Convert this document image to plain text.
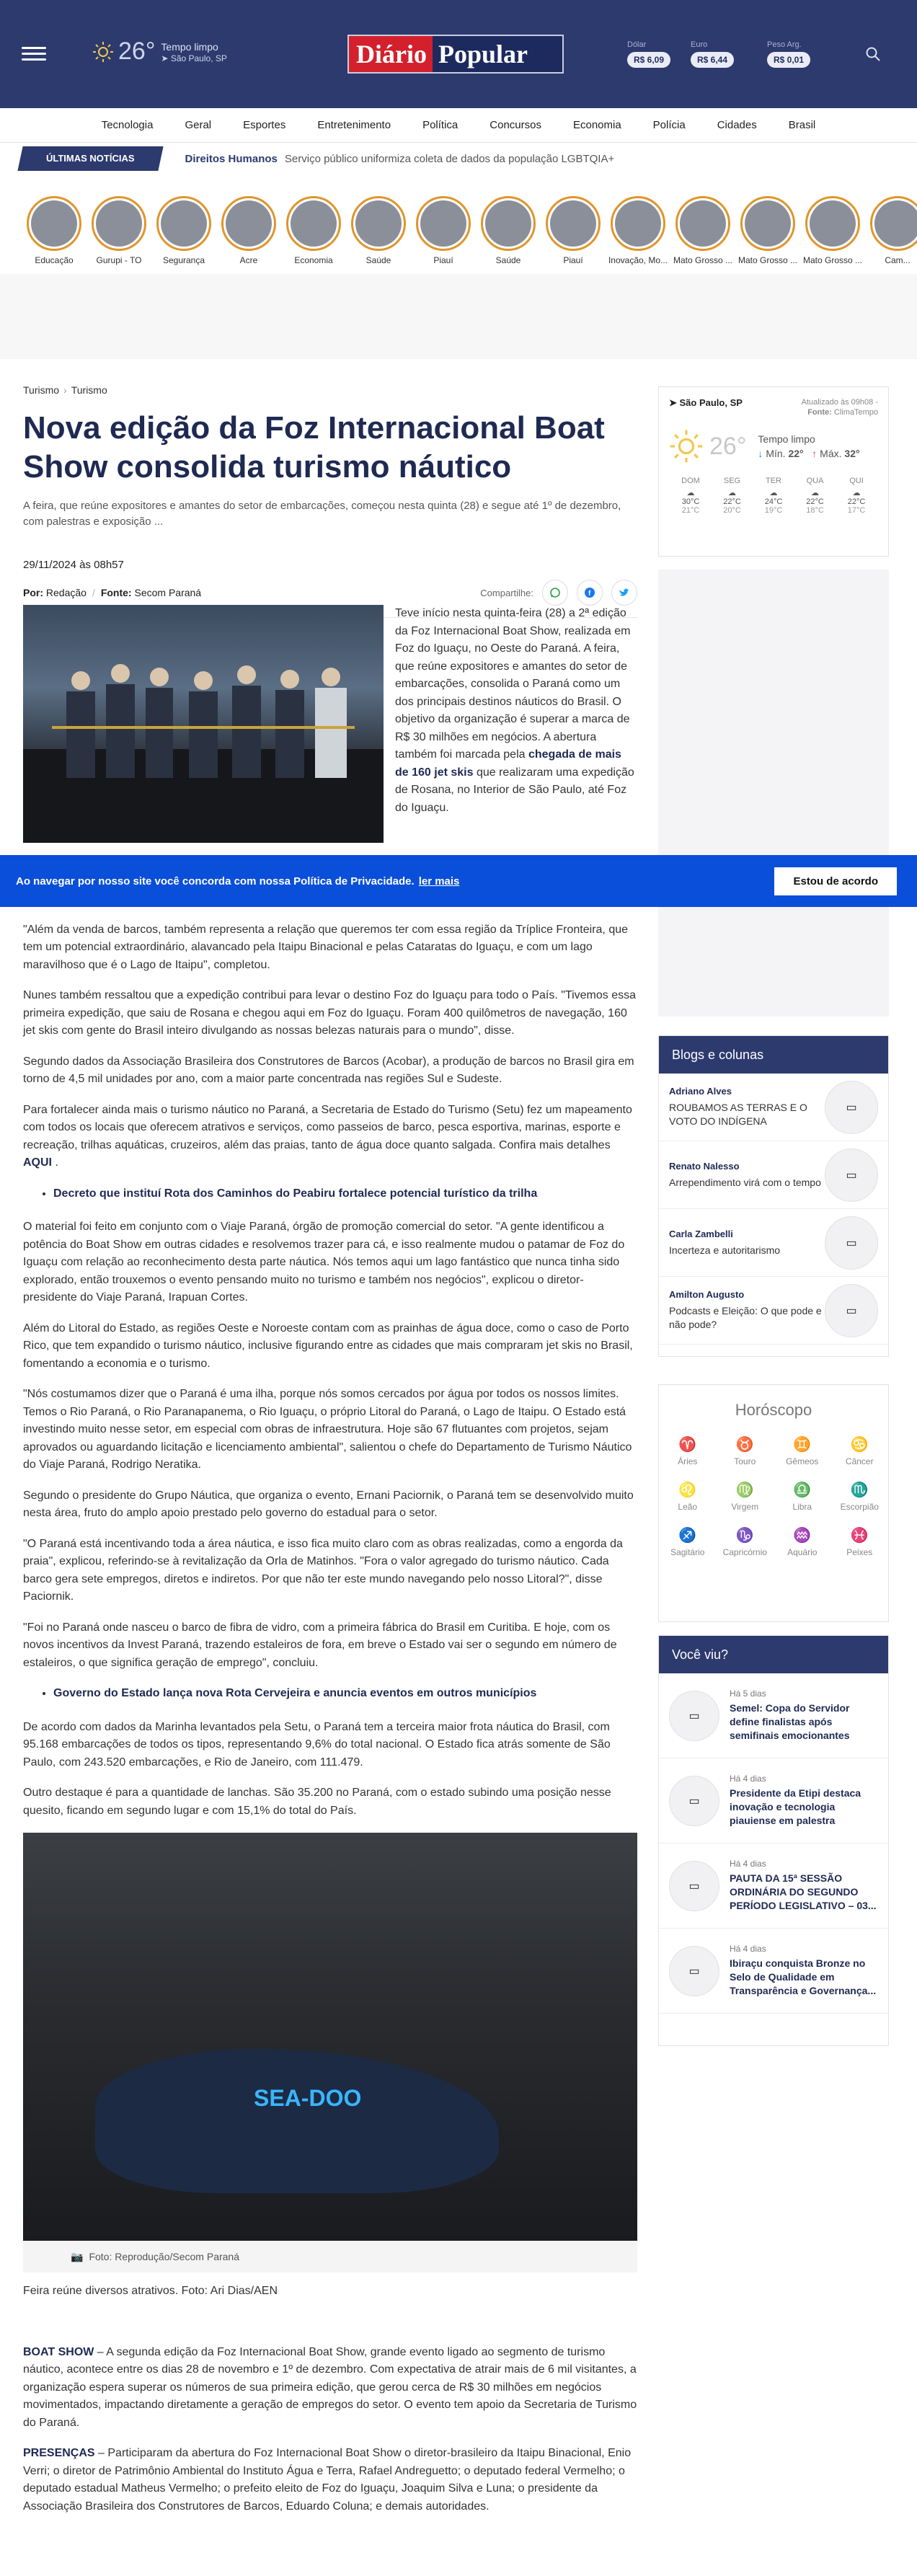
26° Tempo limpo
➤ São Paulo, SP	Diário Popular	Dólar
R$ 6,09
Euro
R$ 6,44
Peso Arg.
R$ 0,01
Tecnologia	Geral	Esportes	Entretenimento	Política	Concursos	Economia	Polícia	Cidades	Brasil
ÚLTIMAS NOTÍCIAS	Direitos Humanos Serviço público uniformiza coleta de dados da população LGBTQIA+
Educação	Gurupi - TO	Segurança	Acre	Economia	Saúde	Piauí	Saúde	Piauí	Inovação, Mo... Mato Grosso ... Mato Grosso ... Mato Grosso ...	Cam...
Turismo › Turismo
Nova edição da Foz Internacional Boat Show consolida turismo náutico

A feira, que reúne expositores e amantes do setor de embarcações, começou nesta quinta (28) e segue até 1º de dezembro, com palestras e exposição ...

29/11/2024 às 08h57
Por:
Redação / Fonte:
Secom Paraná	Compartilhe:	f
Teve início nesta quinta-feira (28) a 2ª edição da Foz Internacional Boat Show, realizada em Foz do Iguaçu, no Oeste do Paraná. A feira, que reúne expositores e amantes do setor de embarcações, consolida o Paraná como um dos principais destinos náuticos do Brasil. O objetivo da organização é superar a marca de R$ 30 milhões em negócios. A abertura também foi marcada pela chegada de mais de 160 jet skis que realizaram uma expedição de Rosana, no Interior de São Paulo, até Foz do Iguaçu.

"Além da venda de barcos, também representa a relação que queremos ter com essa região da Tríplice Fronteira, que tem um potencial extraordinário, alavancado pela Itaipu Binacional e pelas Cataratas do Iguaçu, e com um lago maravilhoso que é o Lago de Itaipu", completou.

Nunes também ressaltou que a expedição contribui para levar o destino Foz do Iguaçu para todo o País. "Tivemos essa primeira expedição, que saiu de Rosana e chegou aqui em Foz do Iguaçu. Foram 400 quilômetros de navegação, 160 jet skis com gente do Brasil inteiro divulgando as nossas belezas naturais para o mundo", disse.

Segundo dados da Associação Brasileira dos Construtores de Barcos (Acobar), a produção de barcos no Brasil gira em torno de 4,5 mil unidades por ano, com a maior parte concentrada nas regiões Sul e Sudeste.

Para fortalecer ainda mais o turismo náutico no Paraná, a Secretaria de Estado do Turismo (Setu) fez um mapeamento com todos os locais que oferecem atrativos e serviços, como passeios de barco, pesca esportiva, marinas, esporte e recreação, trilhas aquáticas, cruzeiros, além das praias, tanto de água doce quanto salgada. Confira mais detalhes AQUI .

• Decreto que instituí Rota dos Caminhos do Peabiru fortalece potencial turístico da trilha

O material foi feito em conjunto com o Viaje Paraná, órgão de promoção comercial do setor. "A gente identificou a potência do Boat Show em outras cidades e resolvemos trazer para cá, e isso realmente mudou o patamar de Foz do Iguaçu com relação ao reconhecimento desta parte náutica. Nós temos aqui um lago fantástico que nunca tinha sido explorado, então trouxemos o evento pensando muito no turismo e também nos negócios", explicou o diretor-presidente do Viaje Paraná, Irapuan Cortes.

Além do Litoral do Estado, as regiões Oeste e Noroeste contam com as prainhas de água doce, como o caso de Porto Rico, que tem expandido o turismo náutico, inclusive figurando entre as cidades que mais compraram jet skis no Brasil, fomentando a economia e o turismo.

"Nós costumamos dizer que o Paraná é uma ilha, porque nós somos cercados por água por todos os nossos limites. Temos o Rio Paraná, o Rio Paranapanema, o Rio Iguaçu, o próprio Litoral do Paraná, o Lago de Itaipu. O Estado está investindo muito nesse setor, em especial com obras de infraestrutura. Hoje são 67 flutuantes com projetos, sejam aprovados ou aguardando licitação e licenciamento ambiental", salientou o chefe do Departamento de Turismo Náutico do Viaje Paraná, Rodrigo Neratika.

Segundo o presidente do Grupo Náutica, que organiza o evento, Ernani Paciornik, o Paraná tem se desenvolvido muito nesta área, fruto do amplo apoio prestado pelo governo do estadual para o setor.

"O Paraná está incentivando toda a área náutica, e isso fica muito claro com as obras realizadas, como a engorda da praia", explicou, referindo-se à revitalização da Orla de Matinhos. "Fora o valor agregado do turismo náutico. Cada barco gera sete empregos, diretos e indiretos. Por que não ter este mundo navegando pelo nosso Litoral?", disse Paciornik.

"Foi no Paraná onde nasceu o barco de fibra de vidro, com a primeira fábrica do Brasil em Curitiba. E hoje, com os novos incentivos da Invest Paraná, trazendo estaleiros de fora, em breve o Estado vai ser o segundo em número de estaleiros, o que significa geração de emprego", concluiu.

• Governo do Estado lança nova Rota Cervejeira e anuncia eventos em outros municípios

De acordo com dados da Marinha levantados pela Setu, o Paraná tem a terceira maior frota náutica do Brasil, com 95.168 embarcações de todos os tipos, representando 9,6% do total nacional. O Estado fica atrás somente de São Paulo, com 243.520 embarcações, e Rio de Janeiro, com 111.479.

Outro destaque é para a quantidade de lanchas. São 35.200 no Paraná, com o estado subindo uma posição nesse quesito, ficando em segundo lugar e com 15,1% do total do País.

SEA-DOO
📷 Foto: Reprodução/Secom Paraná

Feira reúne diversos atrativos. Foto: Ari Dias/AEN

BOAT SHOW – A segunda edição da Foz Internacional Boat Show, grande evento ligado ao segmento de turismo náutico, acontece entre os dias 28 de novembro e 1º de dezembro. Com expectativa de atrair mais de 6 mil visitantes, a organização espera superar os números de sua primeira edição, que gerou cerca de R$ 30 milhões em negócios movimentados, impactando diretamente a geração de empregos do setor. O evento tem apoio da Secretaria de Turismo do Paraná.

PRESENÇAS – Participaram da abertura do Foz Internacional Boat Show o diretor-brasileiro da Itaipu Binacional, Enio Verri; o diretor de Patrimônio Ambiental do Instituto Água e Terra, Rafael Andreguetto; o deputado federal Vermelho; o deputado estadual Matheus Vermelho; o prefeito eleito de Foz do Iguaçu, Joaquim Silva e Luna; o presidente da Associação Brasileira dos Construtores de Barcos, Eduardo Coluna; e demais autoridades.

➤ São Paulo, SP	Atualizado às 09h08 -
Fonte: ClimaTempo
26° Tempo limpo
↓ Mín. 22° ↑ Máx. 32°
DOM
☁
30°C
21°C
SEG
☁
22°C
20°C
TER
☁
24°C
19°C
QUA
☁
22°C
18°C
QUI
☁
22°C
17°C
Blogs e colunas
Adriano Alves
ROUBAMOS AS TERRAS E O VOTO DO INDÍGENA
▭
Renato Nalesso
Arrependimento virá com o tempo
▭
Carla Zambelli
Incerteza e autoritarismo
▭
Amilton Augusto
Podcasts e Eleição: O que pode e não pode?
▭
Horóscopo
♈
Áries
♉
Touro
♊
Gêmeos
♋
Câncer
♌
Leão
♍
Virgem
♎
Libra
♏
Escorpião
♐
Sagitário
♑
Capricórnio
♒
Aquário
♓
Peixes
Você viu?
▭
Há 5 dias
Semel: Copa do Servidor define finalistas após semifinais emocionantes
▭
Há 4 dias
Presidente da Etipi destaca inovação e tecnologia piauiense em palestra
▭
Há 4 dias
PAUTA DA 15ª SESSÃO ORDINÁRIA DO SEGUNDO PERÍODO LEGISLATIVO – 03...
▭
Há 4 dias
Ibiraçu conquista Bronze no Selo de Qualidade em Transparência e Governança...
Ao navegar por nosso site você concorda com nossa Política de Privacidade. ler mais	Estou de acordo
